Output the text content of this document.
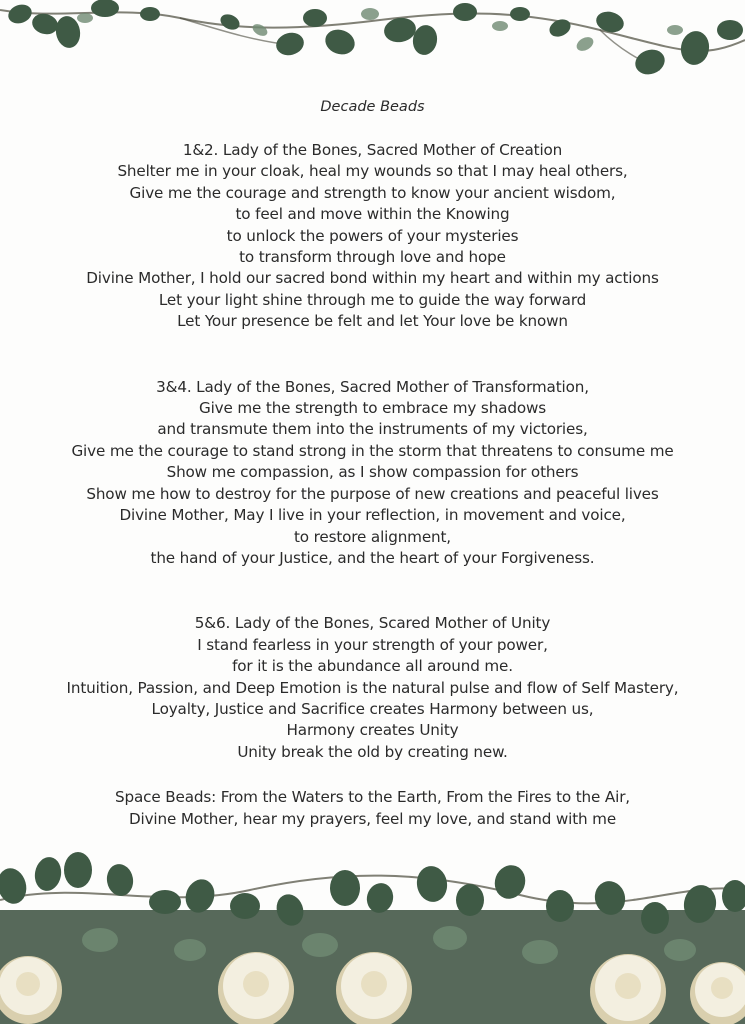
Decade Beads
1&2. Lady of the Bones, Sacred Mother of Creation
Shelter me in your cloak, heal my wounds so that I may heal others,
Give me the courage and strength to know your ancient wisdom,
to feel and move within the Knowing
to unlock the powers of your mysteries
to transform through love and hope
Divine Mother, I hold our sacred bond within my heart and within my actions
Let your light shine through me to guide the way forward
Let Your presence be felt and let Your love be known
3&4. Lady of the Bones, Sacred Mother of Transformation,
Give me the strength to embrace my shadows
and transmute them into the instruments of my victories,
Give me the courage to stand strong in the storm that threatens to consume me
Show me compassion, as I show compassion for others
Show me how to destroy for the purpose of new creations and peaceful lives
Divine Mother, May I live in your reflection, in movement and voice,
to restore alignment,
the hand of your Justice, and the heart of your Forgiveness.
5&6. Lady of the Bones, Scared Mother of Unity
I stand fearless in your strength of your power,
for it is the abundance all around me.
Intuition, Passion, and Deep Emotion is the natural pulse and flow of Self Mastery,
Loyalty, Justice and Sacrifice creates Harmony between us,
Harmony creates Unity
Unity break the old by creating new.
Space Beads: From the Waters to the Earth, From the Fires to the Air,
Divine Mother, hear my prayers, feel my love, and stand with me
